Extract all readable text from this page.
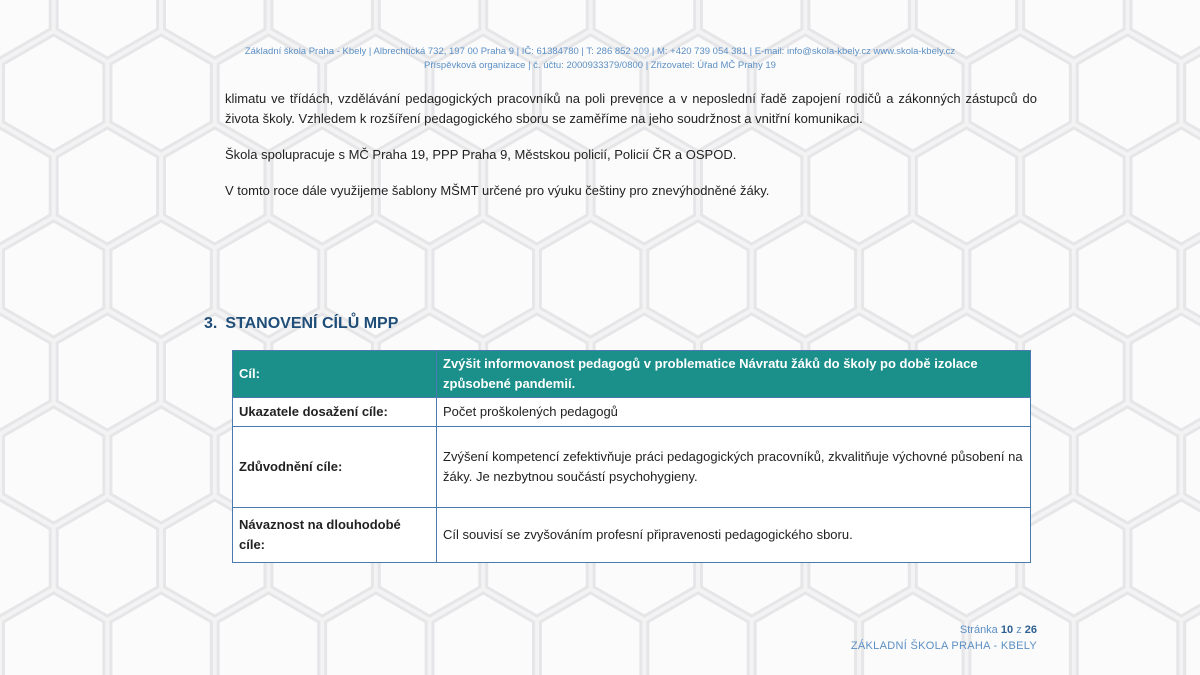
Základní škola Praha - Kbely | Albrechtická 732, 197 00 Praha 9 | IČ: 61384780 | T: 286 852 209 | M: +420 739 054 381 | E-mail: info@skola-kbely.cz www.skola-kbely.cz
Příspěvková organizace | č. účtu: 2000933379/0800 | Zřizovatel: Úřad MČ Prahy 19
klimatu ve třídách, vzdělávání pedagogických pracovníků na poli prevence a v neposlední řadě zapojení rodičů a zákonných zástupců do života školy. Vzhledem k rozšíření pedagogického sboru se zaměříme na jeho soudržnost a vnitřní komunikaci.
Škola spolupracuje s MČ Praha 19, PPP Praha 9, Městskou policií, Policií ČR a OSPOD.
V tomto roce dále využijeme šablony MŠMT určené pro výuku češtiny pro znevýhodněné žáky.
3. STANOVENÍ CÍLŮ MPP
Cíl:	Zvýšit informovanost pedagogů v problematice Návratu žáků do školy po době izolace způsobené pandemií.
Ukazatele dosažení cíle:	Počet proškolených pedagogů
Zdůvodnění cíle:	Zvýšení kompetencí zefektivňuje práci pedagogických pracovníků, zkvalitňuje výchovné působení na žáky. Je nezbytnou součástí psychohygieny.
Návaznost na dlouhodobé cíle:	Cíl souvisí se zvyšováním profesní připravenosti pedagogického sboru.
Stránka 10 z 26
ZÁKLADNÍ ŠKOLA PRAHA - KBELY
